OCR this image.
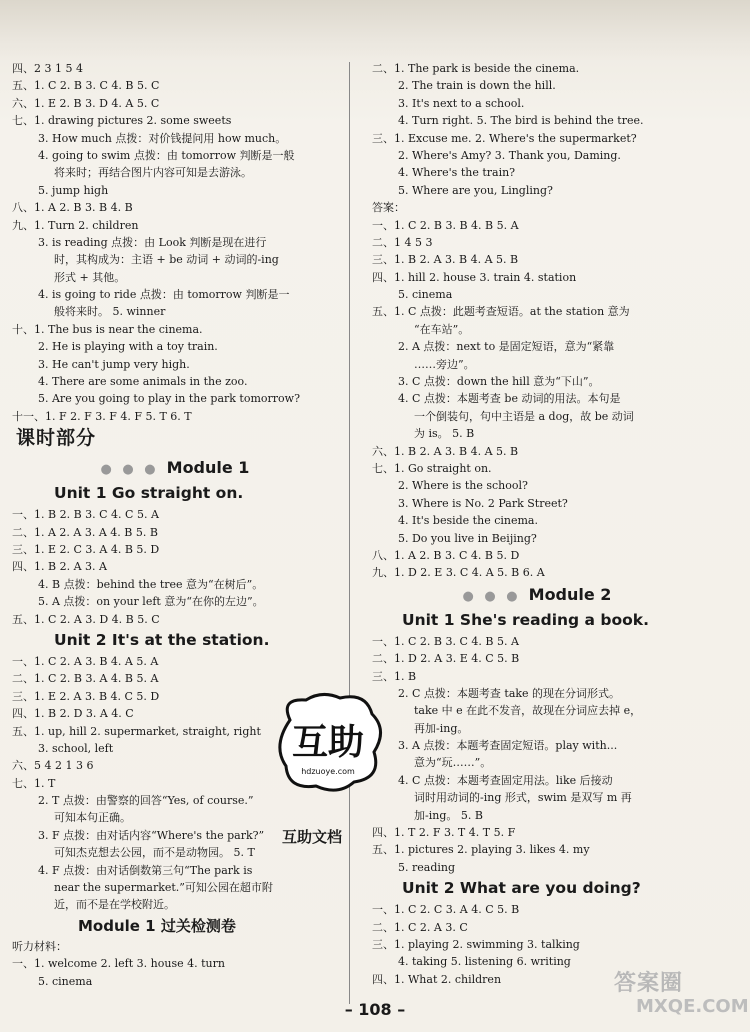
四、2 3 1 5 4
五、1. C 2. B 3. C 4. B 5. C
六、1. E 2. B 3. D 4. A 5. C
七、1. drawing pictures 2. some sweets
3. How much 点拨：对价钱提问用 how much。
4. going to swim 点拨：由 tomorrow 判断是一般
将来时；再结合图片内容可知是去游泳。
5. jump high
八、1. A 2. B 3. B 4. B
九、1. Turn 2. children
3. is reading 点拨：由 Look 判断是现在进行
时，其构成为：主语 + be 动词 + 动词的-ing
形式 + 其他。
4. is going to ride 点拨：由 tomorrow 判断是一
般将来时。 5. winner
十、1. The bus is near the cinema.
2. He is playing with a toy train.
3. He can't jump very high.
4. There are some animals in the zoo.
5. Are you going to play in the park tomorrow?
十一、1. F 2. F 3. F 4. F 5. T 6. T
课时部分
● ● ● Module 1
Unit 1 Go straight on.
一、1. B 2. B 3. C 4. C 5. A
二、1. A 2. A 3. A 4. B 5. B
三、1. E 2. C 3. A 4. B 5. D
四、1. B 2. A 3. A
4. B 点拨：behind the tree 意为“在树后”。
5. A 点拨：on your left 意为“在你的左边”。
五、1. C 2. A 3. D 4. B 5. C
Unit 2 It's at the station.
一、1. C 2. A 3. B 4. A 5. A
二、1. C 2. B 3. A 4. B 5. A
三、1. E 2. A 3. B 4. C 5. D
四、1. B 2. D 3. A 4. C
五、1. up, hill 2. supermarket, straight, right
3. school, left
六、5 4 2 1 3 6
七、1. T
2. T 点拨：由警察的回答“Yes, of course.”
可知本句正确。
3. F 点拨：由对话内容“Where's the park?”
可知杰克想去公园，而不是动物园。 5. T
4. F 点拨：由对话倒数第三句“The park is
near the supermarket.”可知公园在超市附
近，而不是在学校附近。
Module 1 过关检测卷
听力材料：
一、1. welcome 2. left 3. house 4. turn
5. cinema
二、1. The park is beside the cinema.
2. The train is down the hill.
3. It's next to a school.
4. Turn right. 5. The bird is behind the tree.
三、1. Excuse me. 2. Where's the supermarket?
2. Where's Amy? 3. Thank you, Daming.
4. Where's the train?
5. Where are you, Lingling?
答案：
一、1. C 2. B 3. B 4. B 5. A
二、1 4 5 3
三、1. B 2. A 3. B 4. A 5. B
四、1. hill 2. house 3. train 4. station
5. cinema
五、1. C 点拨：此题考查短语。at the station 意为
“在车站”。
2. A 点拨：next to 是固定短语，意为“紧靠
……旁边”。
3. C 点拨：down the hill 意为“下山”。
4. C 点拨：本题考查 be 动词的用法。本句是
一个倒装句，句中主语是 a dog，故 be 动词
为 is。 5. B
六、1. B 2. A 3. B 4. A 5. B
七、1. Go straight on.
2. Where is the school?
3. Where is No. 2 Park Street?
4. It's beside the cinema.
5. Do you live in Beijing?
八、1. A 2. B 3. C 4. B 5. D
九、1. D 2. E 3. C 4. A 5. B 6. A
● ● ● Module 2
Unit 1 She's reading a book.
一、1. C 2. B 3. C 4. B 5. A
二、1. D 2. A 3. E 4. C 5. B
三、1. B
2. C 点拨：本题考查 take 的现在分词形式。
take 中 e 在此不发音，故现在分词应去掉 e，
再加-ing。
3. A 点拨：本题考查固定短语。play with...
意为“玩……”。
4. C 点拨：本题考查固定用法。like 后接动
词时用动词的-ing 形式，swim 是双写 m 再
加-ing。 5. B
四、1. T 2. F 3. T 4. T 5. F
五、1. pictures 2. playing 3. likes 4. my
5. reading
Unit 2 What are you doing?
一、1. C 2. C 3. A 4. C 5. B
二、1. C 2. A 3. C
三、1. playing 2. swimming 3. talking
4. taking 5. listening 6. writing
四、1. What 2. children
互助
hdzuoye.com
互助文档
答案圈
MXQE.COM
– 108 –
